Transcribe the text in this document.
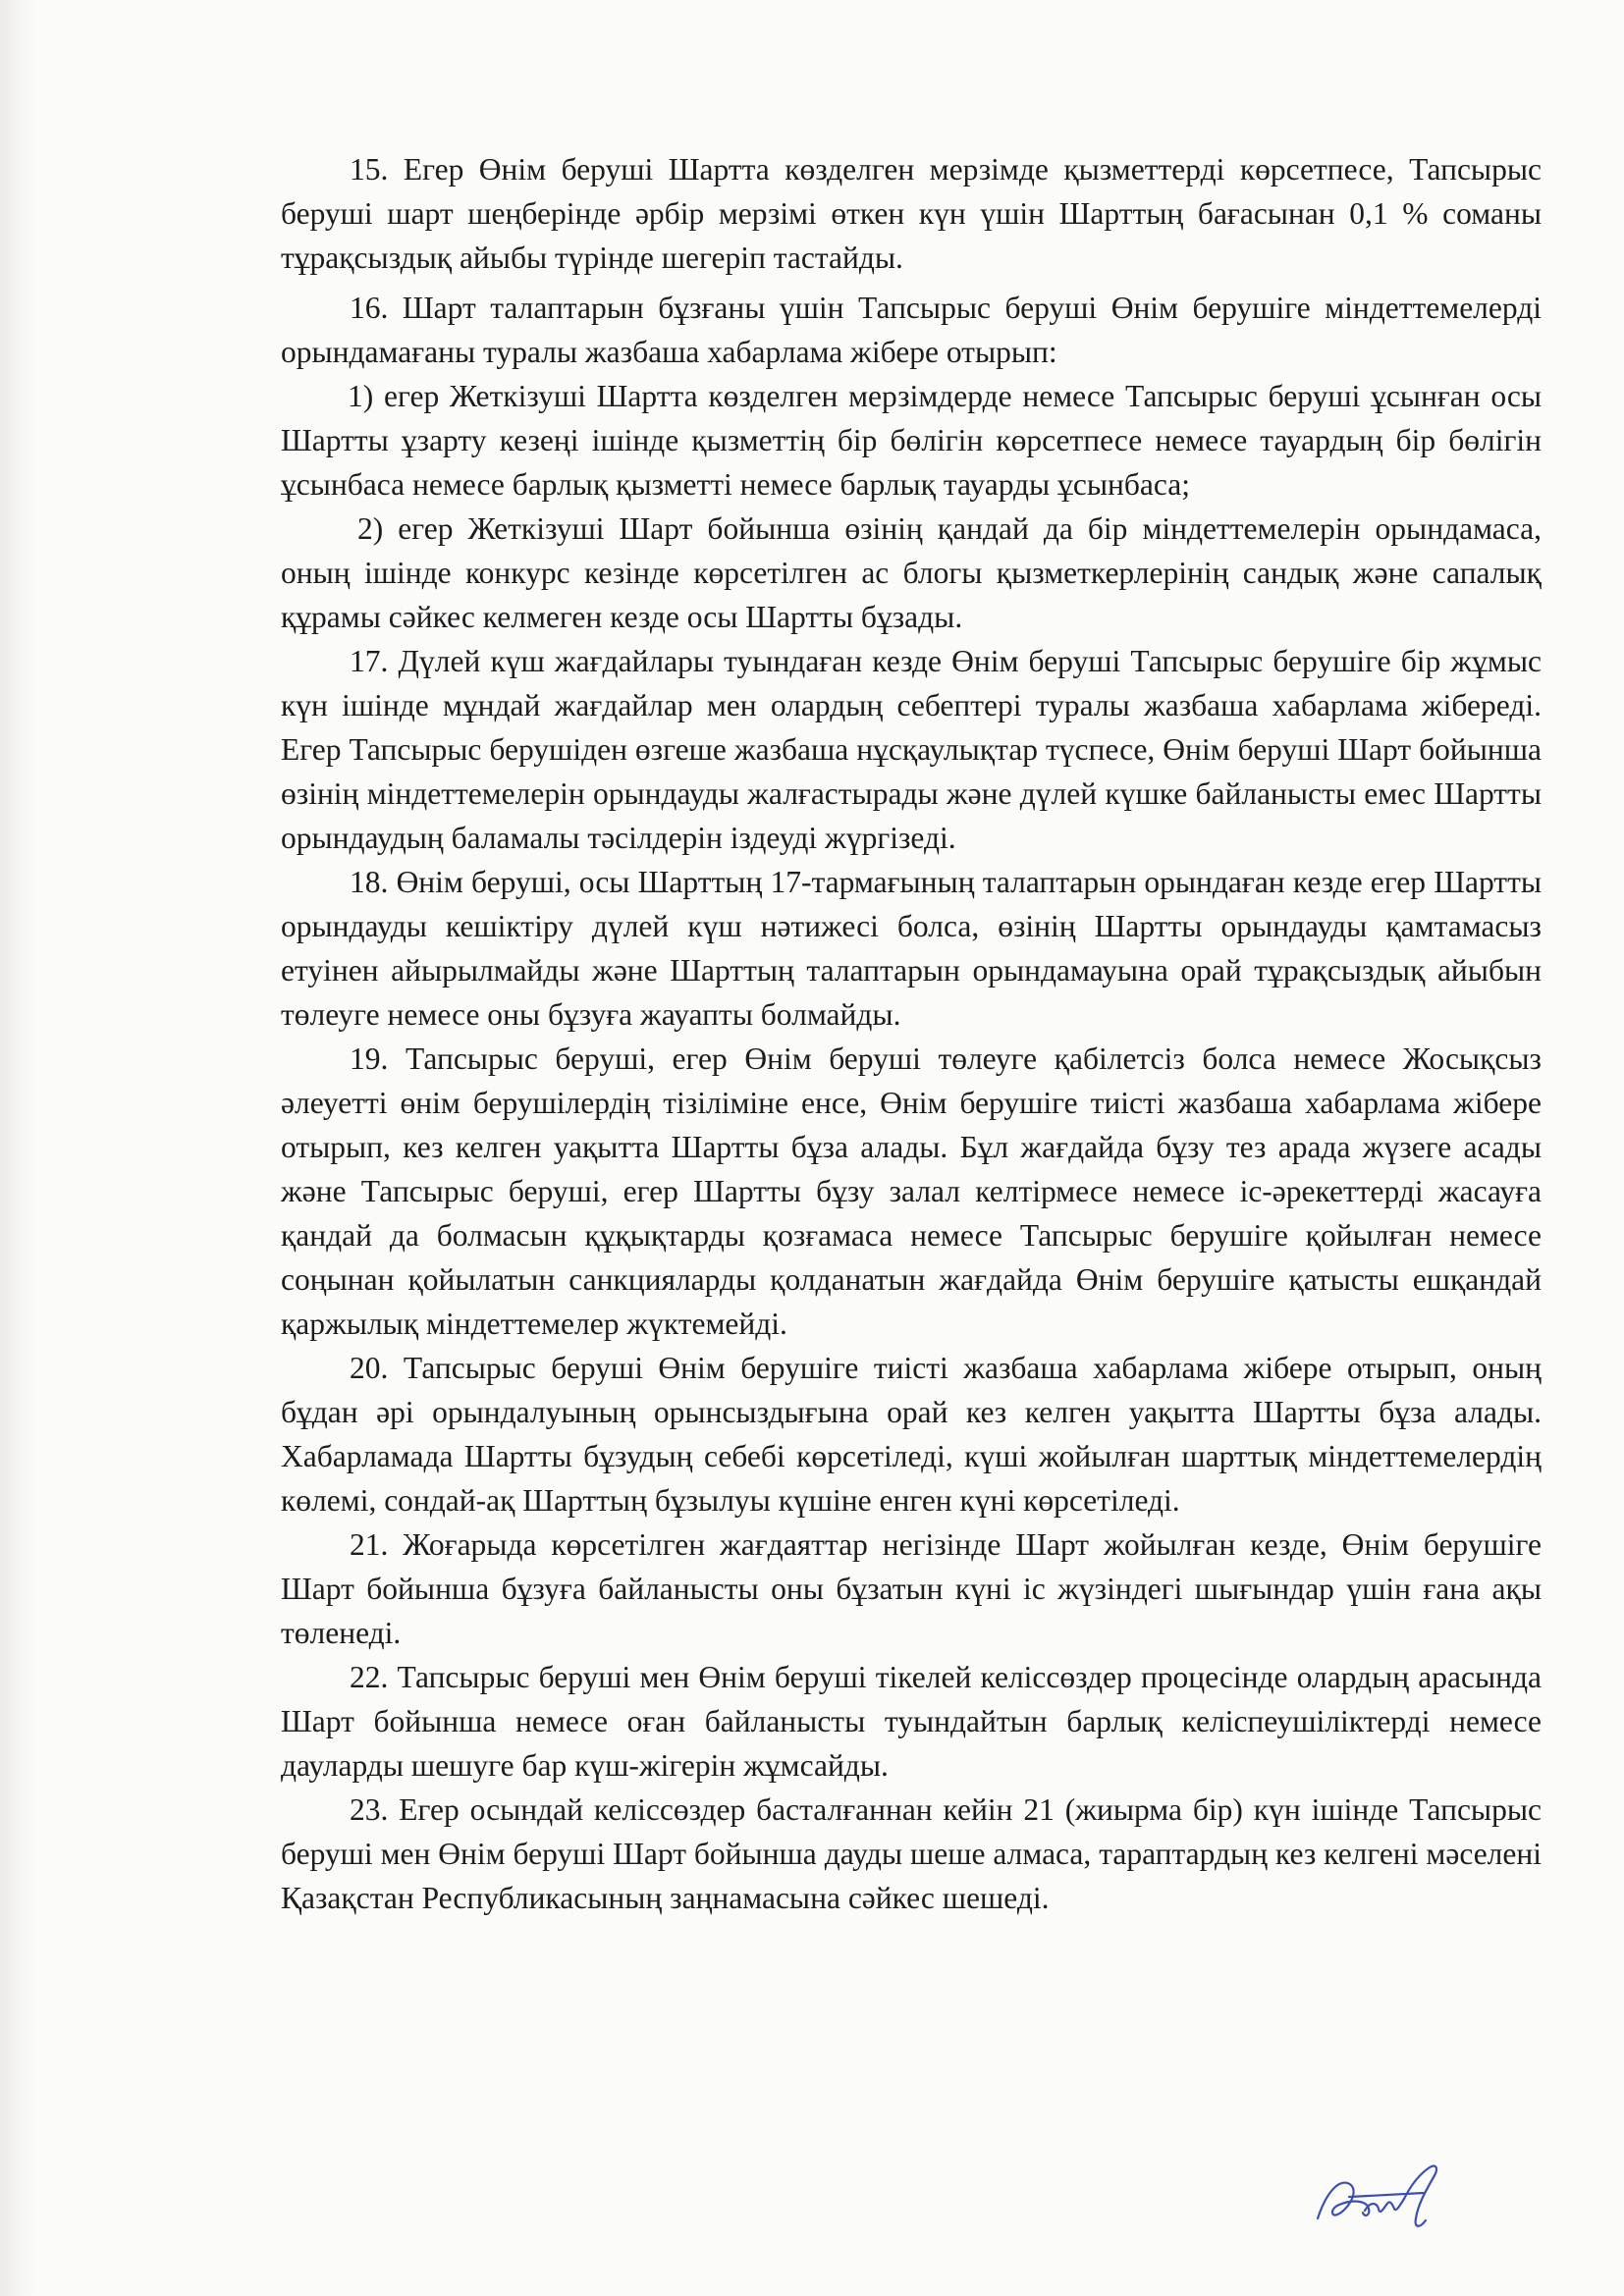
15. Егер Өнім беруші Шартта көзделген мерзімде қызметтерді көрсетпесе, Тапсырыс беруші шарт шеңберінде әрбір мерзімі өткен күн үшін Шарттың бағасынан 0,1 % соманы тұрақсыздық айыбы түрінде шегеріп тастайды.

16. Шарт талаптарын бұзғаны үшін Тапсырыс беруші Өнім берушіге міндеттемелерді орындамағаны туралы жазбаша хабарлама жібере отырып:

1) егер Жеткізуші Шартта көзделген мерзімдерде немесе Тапсырыс беруші ұсынған осы Шартты ұзарту кезеңі ішінде қызметтің бір бөлігін көрсетпесе немесе тауардың бір бөлігін ұсынбаса немесе барлық қызметті немесе барлық тауарды ұсынбаса;

2) егер Жеткізуші Шарт бойынша өзінің қандай да бір міндеттемелерін орындамаса, оның ішінде конкурс кезінде көрсетілген ас блогы қызметкерлерінің сандық және сапалық құрамы сәйкес келмеген кезде осы Шартты бұзады.

17. Дүлей күш жағдайлары туындаған кезде Өнім беруші Тапсырыс берушіге бір жұмыс күн ішінде мұндай жағдайлар мен олардың себептері туралы жазбаша хабарлама жібереді. Егер Тапсырыс берушіден өзгеше жазбаша нұсқаулықтар түспесе, Өнім беруші Шарт бойынша өзінің міндеттемелерін орындауды жалғастырады және дүлей күшке байланысты емес Шартты орындаудың баламалы тәсілдерін іздеуді жүргізеді.

18. Өнім беруші, осы Шарттың 17-тармағының талаптарын орындаған кезде егер Шартты орындауды кешіктіру дүлей күш нәтижесі болса, өзінің Шартты орындауды қамтамасыз етуінен айырылмайды және Шарттың талаптарын орындамауына орай тұрақсыздық айыбын төлеуге немесе оны бұзуға жауапты болмайды.

19. Тапсырыс беруші, егер Өнім беруші төлеуге қабілетсіз болса немесе Жосықсыз әлеуетті өнім берушілердің тізіліміне енсе, Өнім берушіге тиісті жазбаша хабарлама жібере отырып, кез келген уақытта Шартты бұза алады. Бұл жағдайда бұзу тез арада жүзеге асады және Тапсырыс беруші, егер Шартты бұзу залал келтірмесе немесе іс-әрекеттерді жасауға қандай да болмасын құқықтарды қозғамаса немесе Тапсырыс берушіге қойылған немесе соңынан қойылатын санкцияларды қолданатын жағдайда Өнім берушіге қатысты ешқандай қаржылық міндеттемелер жүктемейді.

20. Тапсырыс беруші Өнім берушіге тиісті жазбаша хабарлама жібере отырып, оның бұдан әрі орындалуының орынсыздығына орай кез келген уақытта Шартты бұза алады. Хабарламада Шартты бұзудың себебі көрсетіледі, күші жойылған шарттық міндеттемелердің көлемі, сондай-ақ Шарттың бұзылуы күшіне енген күні көрсетіледі.

21. Жоғарыда көрсетілген жағдаяттар негізінде Шарт жойылған кезде, Өнім берушіге Шарт бойынша бұзуға байланысты оны бұзатын күні іс жүзіндегі шығындар үшін ғана ақы төленеді.

22. Тапсырыс беруші мен Өнім беруші тікелей келіссөздер процесінде олардың арасында Шарт бойынша немесе оған байланысты туындайтын барлық келіспеушіліктерді немесе дауларды шешуге бар күш-жігерін жұмсайды.

23. Егер осындай келіссөздер басталғаннан кейін 21 (жиырма бір) күн ішінде Тапсырыс беруші мен Өнім беруші Шарт бойынша дауды шеше алмаса, тараптардың кез келгені мәселені Қазақстан Республикасының заңнамасына сәйкес шешеді.
